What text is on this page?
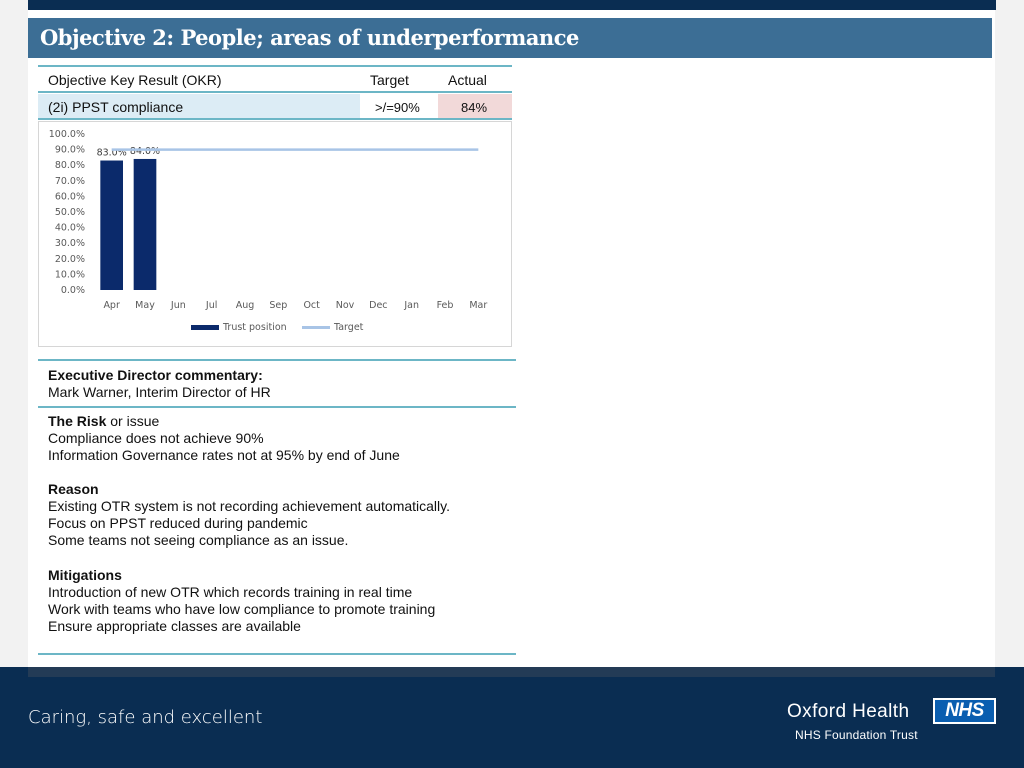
Objective 2: People; areas of underperformance
Objective Key Result (OKR)	Target	Actual
(2i) PPST compliance	>/=90%	84%
0.0%
10.0%
20.0%
30.0%
40.0%
50.0%
60.0%
70.0%
80.0%
90.0%
100.0%
Apr May Jun Jul Aug Sep Oct Nov Dec Jan Feb Mar
83.0% 84.0%
Trust position	Target
Executive Director commentary:
Mark Warner, Interim Director of HR
The Risk or issue
Compliance does not achieve 90%
Information Governance rates not at 95% by end of June
Reason
Existing OTR system is not recording achievement automatically.
Focus on PPST reduced during pandemic
Some teams not seeing compliance as an issue.
Mitigations
Introduction of new OTR which records training in real time
Work with teams who have low compliance to promote training
Ensure appropriate classes are available
Caring, safe and excellent	Oxford Health
NHS Foundation Trust
NHS
